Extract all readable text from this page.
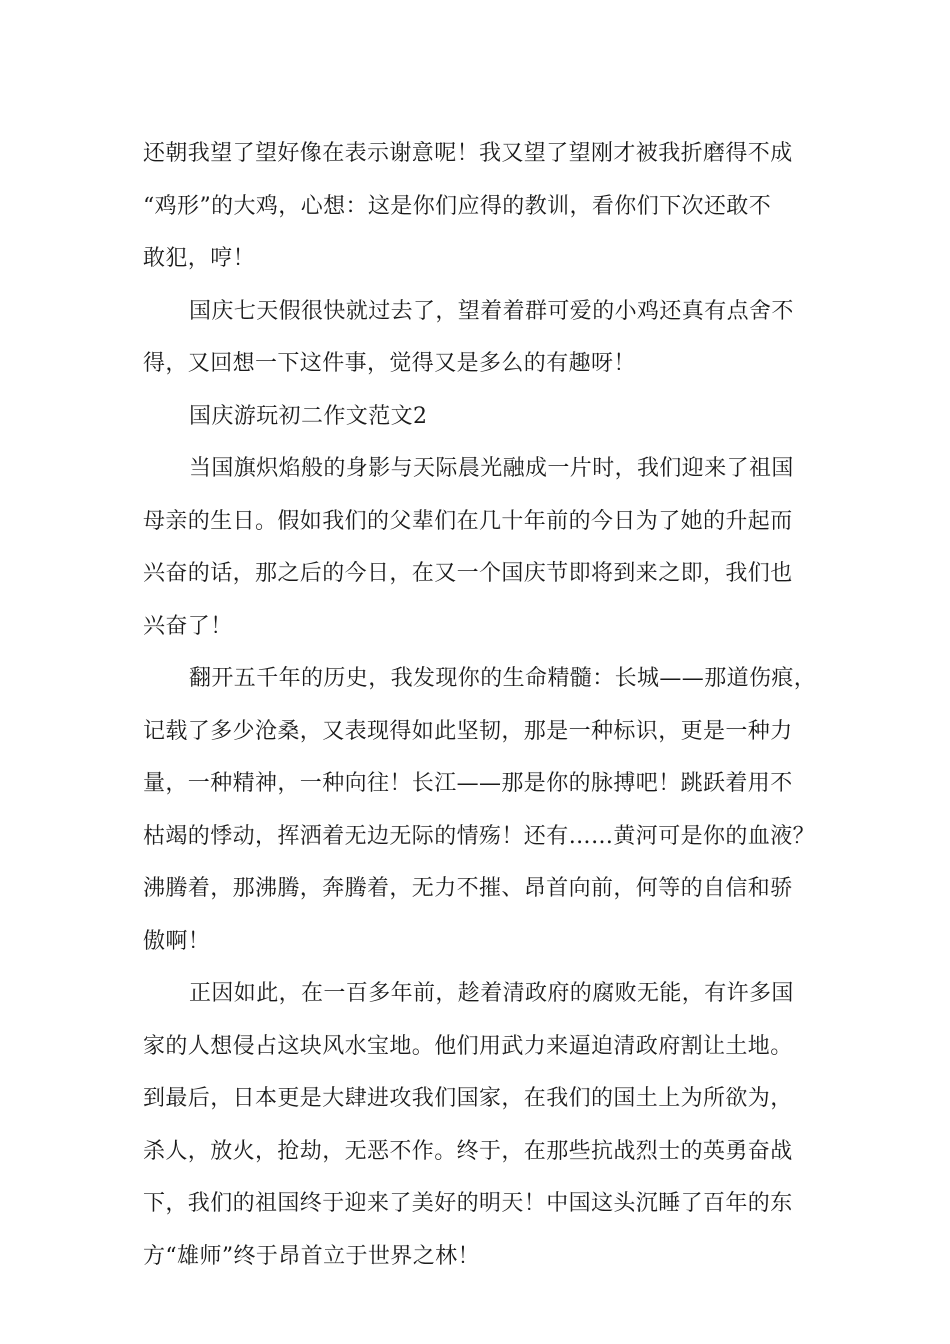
还朝我望了望好像在表示谢意呢！我又望了望刚才被我折磨得不成
“鸡形”的大鸡，心想：这是你们应得的教训，看你们下次还敢不
敢犯，哼！
国庆七天假很快就过去了，望着着群可爱的小鸡还真有点舍不
得，又回想一下这件事，觉得又是多么的有趣呀！
国庆游玩初二作文范文2
当国旗炽焰般的身影与天际晨光融成一片时，我们迎来了祖国
母亲的生日。假如我们的父辈们在几十年前的今日为了她的升起而
兴奋的话，那之后的今日，在又一个国庆节即将到来之即，我们也
兴奋了！
翻开五千年的历史，我发现你的生命精髓：长城——那道伤痕，
记载了多少沧桑，又表现得如此坚韧，那是一种标识，更是一种力
量，一种精神，一种向往！长江——那是你的脉搏吧！跳跃着用不
枯竭的悸动，挥洒着无边无际的情殇！还有……黄河可是你的血液？
沸腾着，那沸腾，奔腾着，无力不摧、昂首向前，何等的自信和骄
傲啊！
正因如此，在一百多年前，趁着清政府的腐败无能，有许多国
家的人想侵占这块风水宝地。他们用武力来逼迫清政府割让土地。
到最后，日本更是大肆进攻我们国家，在我们的国土上为所欲为，
杀人，放火，抢劫，无恶不作。终于，在那些抗战烈士的英勇奋战
下，我们的祖国终于迎来了美好的明天！中国这头沉睡了百年的东
方“雄师”终于昂首立于世界之林！
